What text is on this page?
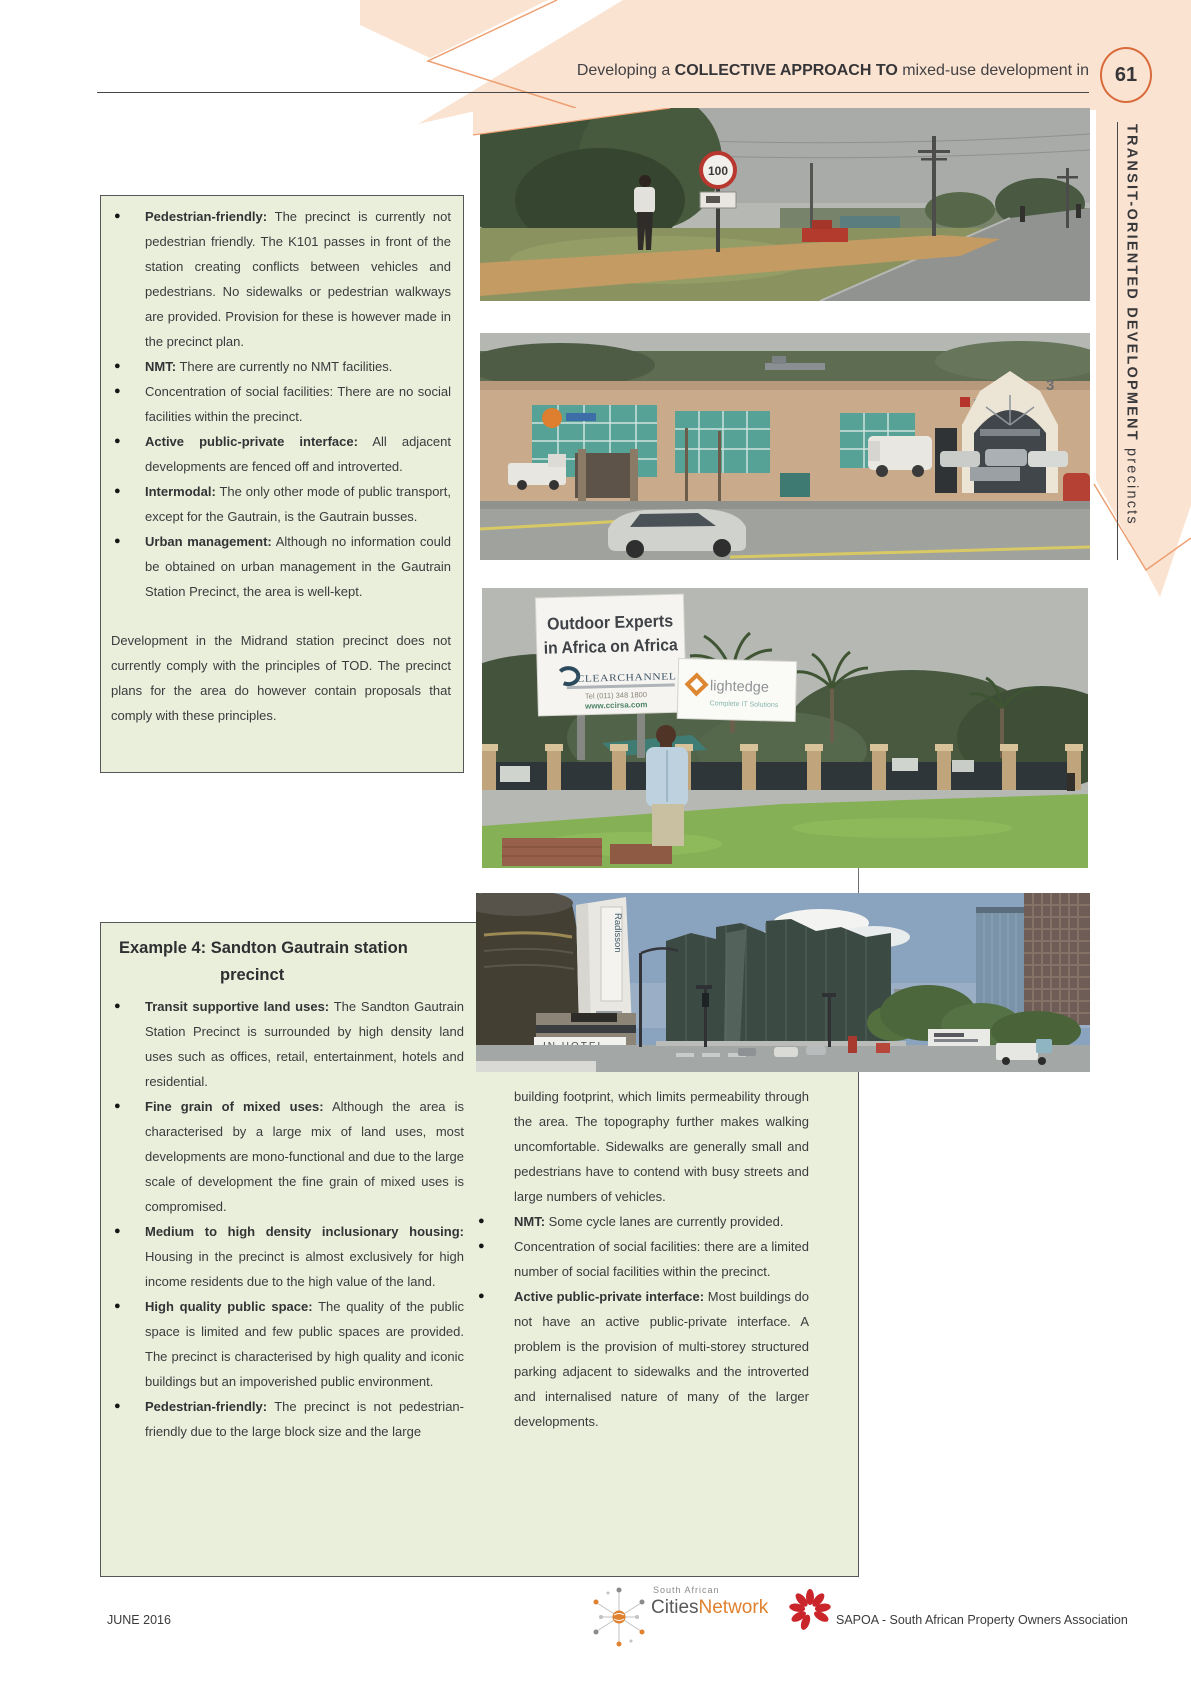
Developing a COLLECTIVE APPROACH TO mixed-use development in 61
TRANSIT-ORIENTED DEVELOPMENT precincts
●	Pedestrian-friendly: The precinct is currently not pedestrian friendly. The K101 passes in front of the station creating conflicts between vehicles and pedestrians. No sidewalks or pedestrian walkways are provided. Provision for these is however made in the precinct plan.
●	NMT: There are currently no NMT facilities.
●	Concentration of social facilities: There are no social facilities within the precinct.
●	Active public-private interface: All adjacent developments are fenced off and introverted.
●	Intermodal: The only other mode of public transport, except for the Gautrain, is the Gautrain busses.
●	Urban management: Although no information could be obtained on urban management in the Gautrain Station Precinct, the area is well-kept.

Development in the Midrand station precinct does not currently comply with the principles of TOD. The precinct plans for the area do however contain proposals that comply with these principles.

Example 4: Sandton Gautrain station
precinct
●	Transit supportive land uses: The Sandton Gautrain Station Precinct is surrounded by high density land uses such as offices, retail, entertainment, hotels and residential.
●	Fine grain of mixed uses: Although the area is characterised by a large mix of land uses, most developments are mono-functional and due to the large scale of development the fine grain of mixed uses is compromised.
●	Medium to high density inclusionary housing: Housing in the precinct is almost exclusively for high income residents due to the high value of the land.
●	High quality public space: The quality of the public space is limited and few public spaces are provided. The precinct is characterised by high quality and iconic buildings but an impoverished public environment.
●	Pedestrian-friendly: The precinct is not pedestrian-friendly due to the large block size and the large

building footprint, which limits permeability through the area. The topography further makes walking uncomfortable. Sidewalks are generally small and pedestrians have to contend with busy streets and large numbers of vehicles.

●	NMT: Some cycle lanes are currently provided.
●	Concentration of social facilities: there are a limited number of social facilities within the precinct.
●	Active public-private interface: Most buildings do not have an active public-private interface. A problem is the provision of multi-storey structured parking adjacent to sidewalks and the introverted and internalised nature of many of the larger developments.
100
3
Outdoor Experts
in Africa on Africa
CLEARCHANNEL
Tel (011) 348 1800
www.ccirsa.com
lightedge
Complete IT Solutions
Radisson
JUNE 2016
South African
CitiesNetwork
SAPOA - South African Property Owners Association
